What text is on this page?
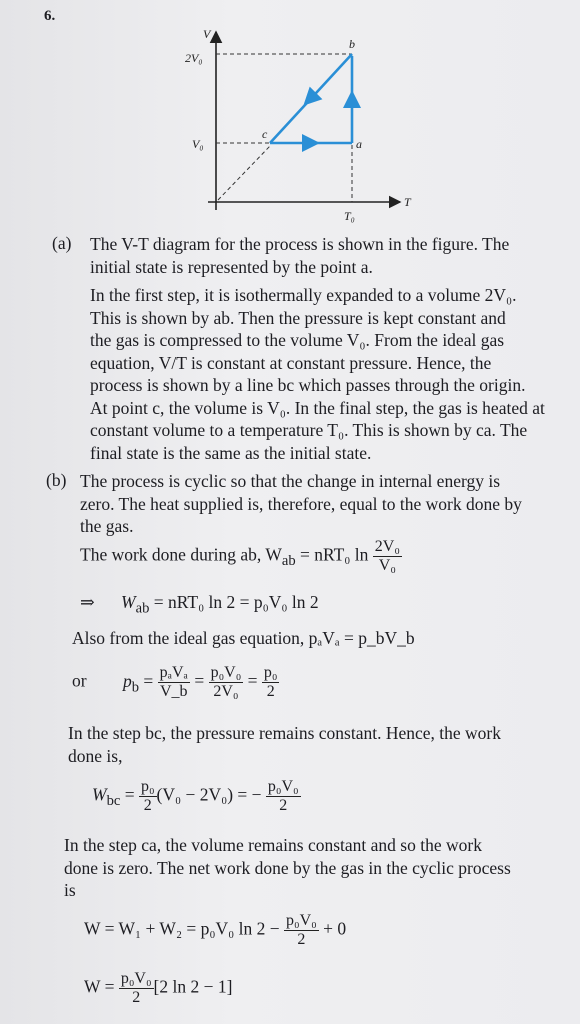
6.
V
T
2V₀
V₀
T₀
a
b
c
(a) The V-T diagram for the process is shown in the figure. The
initial state is represented by the point a.
In the first step, it is isothermally expanded to a volume 2V₀.
This is shown by ab. Then the pressure is kept constant and
the gas is compressed to the volume V₀. From the ideal gas
equation, V/T is constant at constant pressure. Hence, the
process is shown by a line bc which passes through the origin.
At point c, the volume is V₀. In the final step, the gas is heated at
constant volume to a temperature T₀. This is shown by ca. The
final state is the same as the initial state.
(b) The process is cyclic so that the change in internal energy is
zero. The heat supplied is, therefore, equal to the work done by
the gas.
The work done during ab, $W_{ab} = nRT_0$ $\ln \frac{\text{2V₀}}{\text{V₀}}$
⇒ $W_{ab} = nRT_0$ ln 2 = p₀V₀ ln 2
Also from the ideal gas equation, pₐVₐ = p_bV_b
or $p_b = \frac{\text{pₐVₐ}}{V\_b} = \frac{\text{p₀V₀}}{\text{2V₀}} = \frac{\text{p₀}}{2}$
In the step bc, the pressure remains constant. Hence, the work
done is,
$W_{bc} = \frac{\text{p₀}}{2} (V_0 - 2V_0)$ = − $\frac{\text{p₀V₀}}{2}$
In the step ca, the volume remains constant and so the work
done is zero. The net work done by the gas in the cyclic process
is
W = W₁ + W₂ = p₀V₀ $\ln 2 - \frac{\text{p₀V₀}}{2} + 0$
$W = \frac{\text{p₀V₀}}{2} [2$ ln 2 − 1]
